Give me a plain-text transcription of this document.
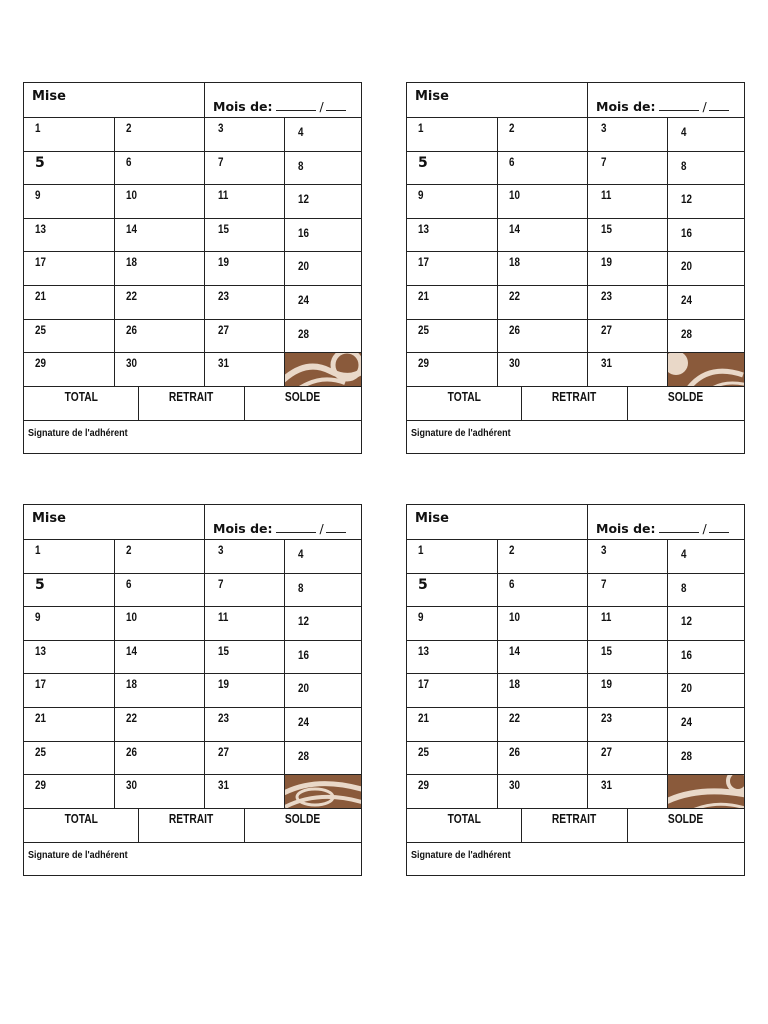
Mise
Mois de:	/
1	2	3	4
5	6	7	8
9	10	11	12
13	14	15	16
17	18	19	20
21	22	23	24
25	26	27	28
29	30	31
TOTAL	RETRAIT	SOLDE
Signature de l'adhérent
Mise
Mois de:	/
1	2	3	4
5	6	7	8
9	10	11	12
13	14	15	16
17	18	19	20
21	22	23	24
25	26	27	28
29	30	31
TOTAL	RETRAIT	SOLDE
Signature de l'adhérent
Mise
Mois de:	/
1	2	3	4
5	6	7	8
9	10	11	12
13	14	15	16
17	18	19	20
21	22	23	24
25	26	27	28
29	30	31
TOTAL	RETRAIT	SOLDE
Signature de l'adhérent
Mise
Mois de:	/
1	2	3	4
5	6	7	8
9	10	11	12
13	14	15	16
17	18	19	20
21	22	23	24
25	26	27	28
29	30	31
TOTAL	RETRAIT	SOLDE
Signature de l'adhérent
